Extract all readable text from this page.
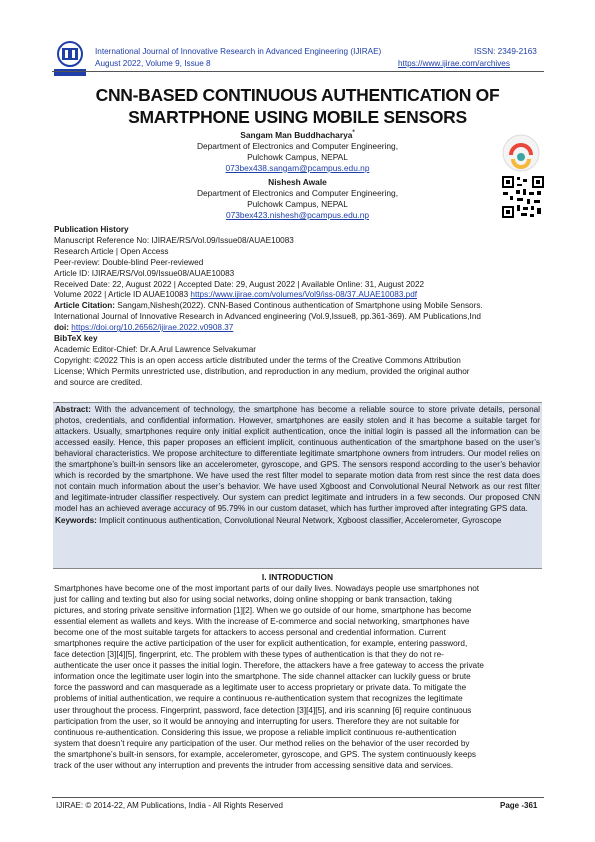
International Journal of Innovative Research in Advanced Engineering (IJIRAE)
August 2022, Volume 9, Issue 8
ISSN: 2349-2163
https://www.ijirae.com/archives
CNN-BASED CONTINUOUS AUTHENTICATION OF
SMARTPHONE USING MOBILE SENSORS
Sangam Man Buddhacharya*
Department of Electronics and Computer Engineering,
Pulchowk Campus, NEPAL
073bex438.sangam@pcampus.edu.np
Nishesh Awale
Department of Electronics and Computer Engineering,
Pulchowk Campus, NEPAL
073bex423.nishesh@pcampus.edu.np
Publication History
Manuscript Reference No: IJIRAE/RS/Vol.09/Issue08/AUAE10083
Research Article | Open Access
Peer-review: Double-blind Peer-reviewed
Article ID: IJIRAE/RS/Vol.09/Issue08/AUAE10083
Received Date: 22, August 2022 | Accepted Date: 29, August 2022 | Available Online: 31, August 2022
Volume 2022 | Article ID AUAE10083 https://www.ijirae.com/volumes/Vol9/iss-08/37.AUAE10083.pdf
Article Citation: Sangam,Nishesh(2022). CNN-Based Continous authentication of Smartphone using Mobile Sensors.
International Journal of Innovative Research in Advanced engineering (Vol.9,Issue8, pp.361-369). AM Publications,Ind
doi: https://doi.org/10.26562/ijirae.2022.v0908.37
BibTeX key
Academic Editor-Chief: Dr.A.Arul Lawrence Selvakumar
Copyright: ©2022 This is an open access article distributed under the terms of the Creative Commons Attribution
License; Which Permits unrestricted use, distribution, and reproduction in any medium, provided the original author
and source are credited.
Abstract: With the advancement of technology, the smartphone has become a reliable source to store private details, personal photos, credentials, and confidential information. However, smartphones are easily stolen and it has become a suitable target for attackers. Usually, smartphones require only initial explicit authentication, once the initial login is passed all the information can be accessed easily. Hence, this paper proposes an efficient implicit, continuous authentication of the smartphone based on the user’s behavioral characteristics. We propose architecture to differentiate legitimate smartphone owners from intruders. Our model relies on the smartphone’s built-in sensors like an accelerometer, gyroscope, and GPS. The sensors respond according to the user’s behavior which is recorded by the smartphone. We have used the rest filter model to separate motion data from rest since the rest data does not contain much information about the user’s behavior. We have used Xgboost and Convolutional Neural Network as our rest filter and legitimate-intruder classifier respectively. Our system can predict legitimate and intruders in a few seconds. Our proposed CNN model has an achieved average accuracy of 95.79% in our custom dataset, which has further improved after integrating GPS data.
Keywords: Implicit continuous authentication, Convolutional Neural Network, Xgboost classifier, Accelerometer, Gyroscope
I. INTRODUCTION
Smartphones have become one of the most important parts of our daily lives. Nowadays people use smartphones not
just for calling and texting but also for using social networks, doing online shopping or bank transaction, taking
pictures, and storing private sensitive information [1][2]. When we go outside of our home, smartphone has become
essential element as wallets and keys. With the increase of E-commerce and social networking, smartphones have
become one of the most suitable targets for attackers to access personal and credential information. Current
smartphones require the active participation of the user for explicit authentication, for example, entering password,
face detection [3][4][5], fingerprint, etc. The problem with these types of authentication is that they do not re-
authenticate the user once it passes the initial login. Therefore, the attackers have a free gateway to access the private
information once the legitimate user login into the smartphone. The side channel attacker can luckily guess or brute
force the password and can masquerade as a legitimate user to access proprietary or private data. To mitigate the
problems of initial authentication, we require a continuous re-authentication system that recognizes the legitimate
user throughout the process. Fingerprint, password, face detection [3][4][5], and iris scanning [6] require continuous
participation from the user, so it would be annoying and interrupting for users. Therefore they are not suitable for
continuous re-authentication. Considering this issue, we propose a reliable implicit continuous re-authentication
system that doesn’t require any participation of the user. Our method relies on the behavior of the user recorded by
the smartphone’s built-in sensors, for example, accelerometer, gyroscope, and GPS. The system continuously keeps
track of the user without any interruption and prevents the intruder from accessing sensitive data and services.
IJIRAE: © 2014-22, AM Publications, India - All Rights Reserved	Page -361
